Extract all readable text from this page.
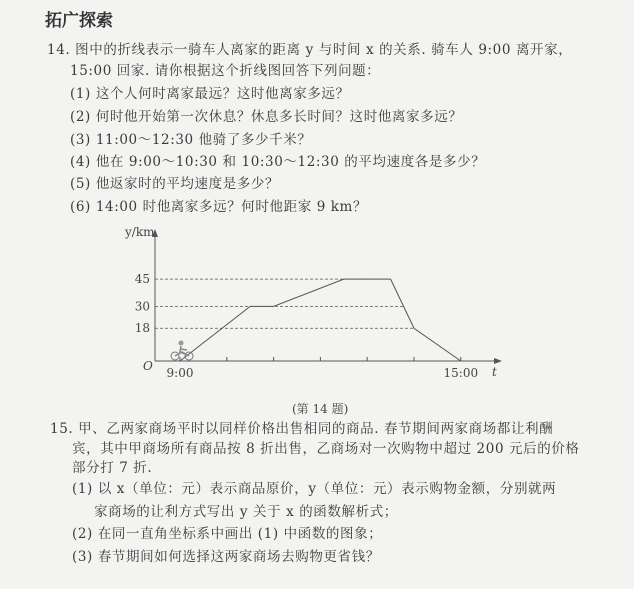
拓广探索
14. 图中的折线表示一骑车人离家的距离 y 与时间 x 的关系. 骑车人 9:00 离开家，
15:00 回家. 请你根据这个折线图回答下列问题：
(1) 这个人何时离家最远？这时他离家多远？
(2) 何时他开始第一次休息？休息多长时间？这时他离家多远？
(3) 11:00～12:30 他骑了多少千米？
(4) 他在 9:00～10:30 和 10:30～12:30 的平均速度各是多少？
(5) 他返家时的平均速度是多少？
(6) 14:00 时他离家多远？何时他距家 9 km？
y/km
t
O 9:00	15:00
18
30
45
(第 14 题)
15. 甲、乙两家商场平时以同样价格出售相同的商品. 春节期间两家商场都让利酬
宾，其中甲商场所有商品按 8 折出售，乙商场对一次购物中超过 200 元后的价格
部分打 7 折.
(1) 以 x（单位：元）表示商品原价，y（单位：元）表示购物金额，分别就两
家商场的让利方式写出 y 关于 x 的函数解析式；
(2) 在同一直角坐标系中画出 (1) 中函数的图象；
(3) 春节期间如何选择这两家商场去购物更省钱？
